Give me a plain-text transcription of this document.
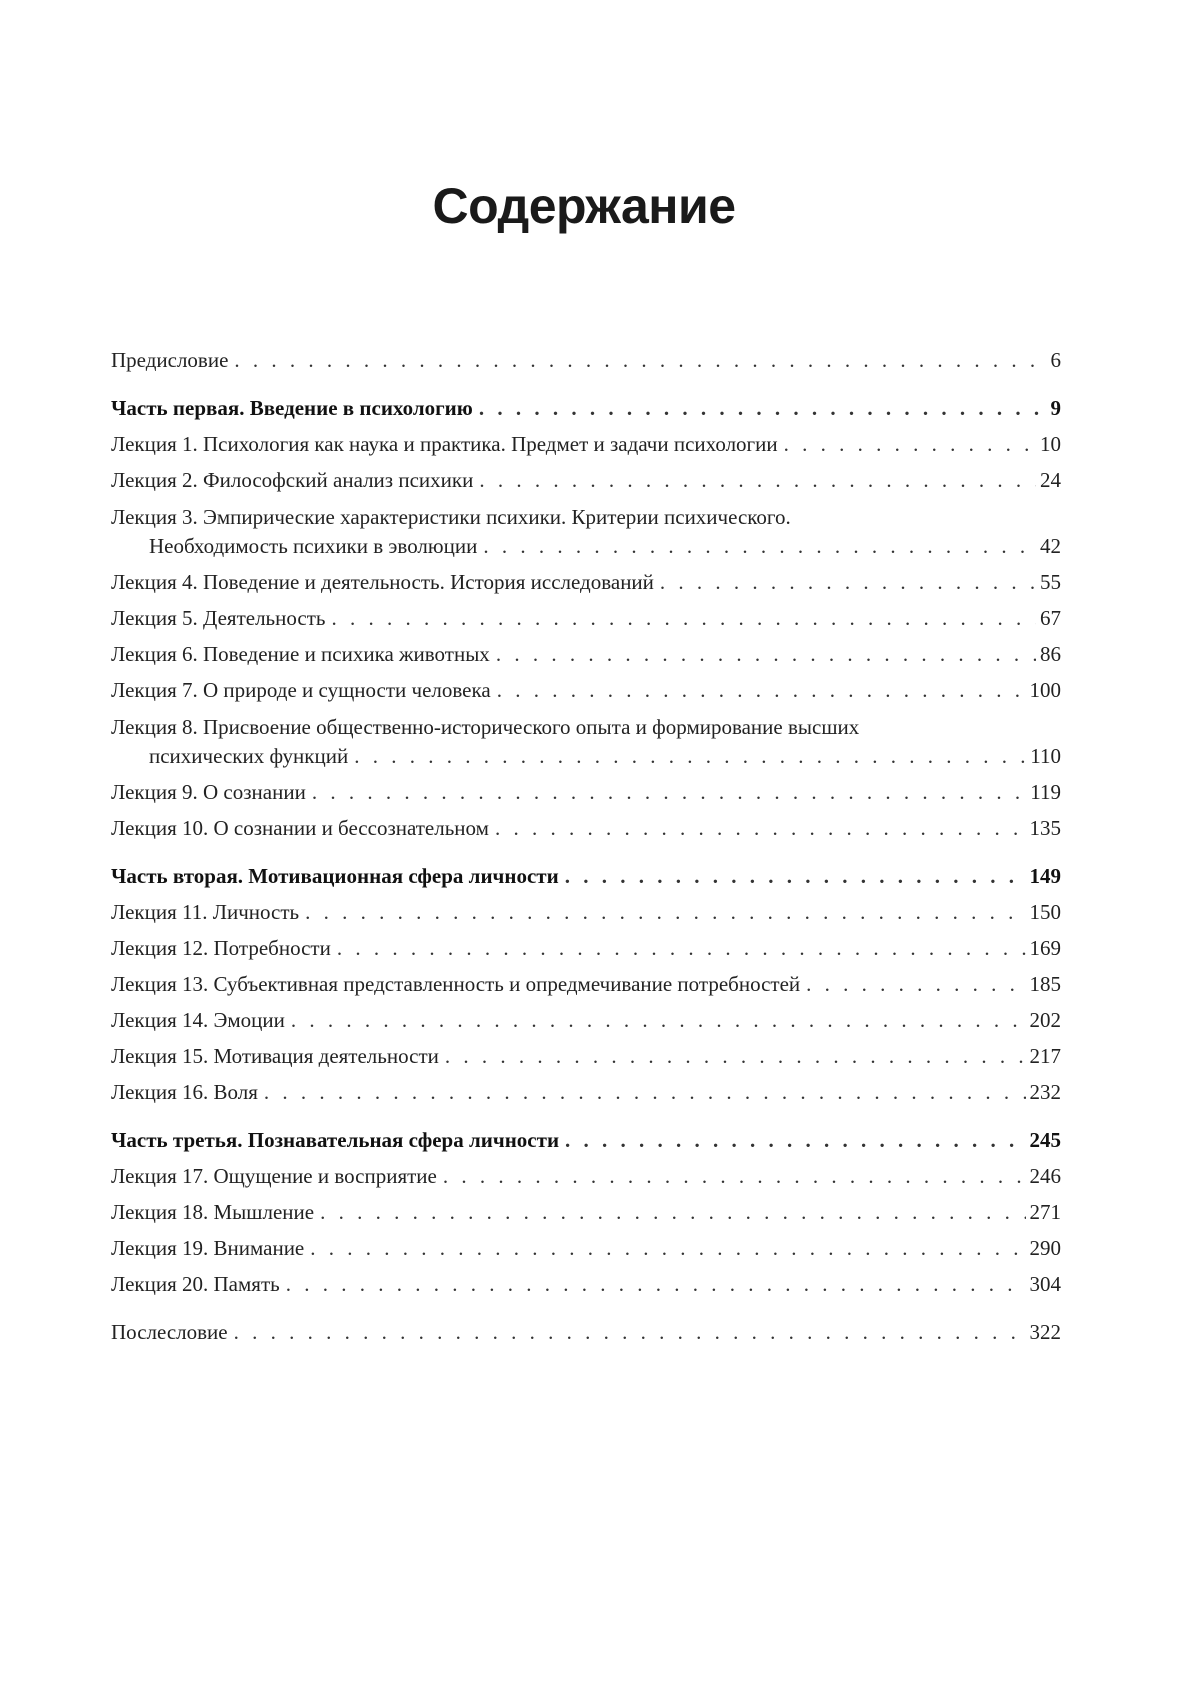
Содержание
Предисловие . . .	6
Часть первая. Введение в психологию . . .	9
Лекция 1. Психология как наука и практика. Предмет и задачи психологии . . .	10
Лекция 2. Философский анализ психики . . .	24
Лекция 3. Эмпирические характеристики психики. Критерии психического.
Необходимость психики в эволюции . . .	42
Лекция 4. Поведение и деятельность. История исследований . . .	55
Лекция 5. Деятельность . . .	67
Лекция 6. Поведение и психика животных . . .	86
Лекция 7. О природе и сущности человека . . .	100
Лекция 8. Присвоение общественно-исторического опыта и формирование высших
психических функций . . .	110
Лекция 9. О сознании . . .	119
Лекция 10. О сознании и бессознательном . . .	135
Часть вторая. Мотивационная сфера личности . . .	149
Лекция 11. Личность . . .	150
Лекция 12. Потребности . . .	169
Лекция 13. Субъективная представленность и опредмечивание потребностей . . .	185
Лекция 14. Эмоции . . .	202
Лекция 15. Мотивация деятельности . . .	217
Лекция 16. Воля . . .	232
Часть третья. Познавательная сфера личности . . .	245
Лекция 17. Ощущение и восприятие . . .	246
Лекция 18. Мышление . . .	271
Лекция 19. Внимание . . .	290
Лекция 20. Память . . .	304
Послесловие . . .	322
